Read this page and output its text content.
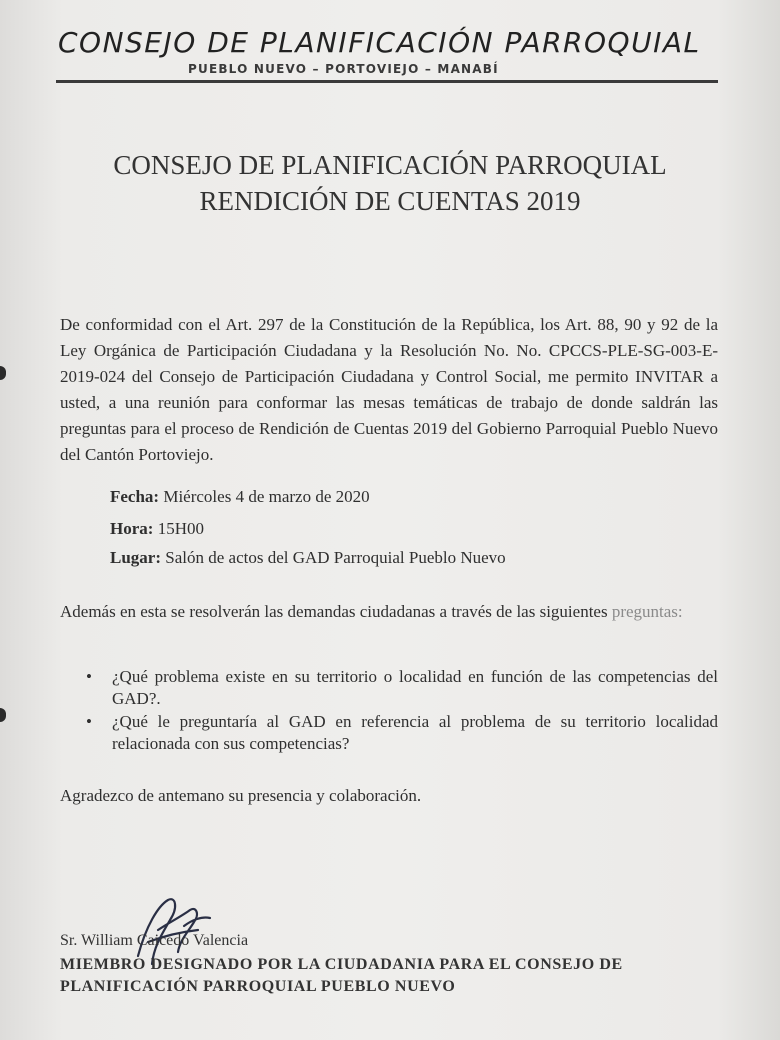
CONSEJO DE PLANIFICACIÓN PARROQUIAL
PUEBLO NUEVO – PORTOVIEJO – MANABÍ
CONSEJO DE PLANIFICACIÓN PARROQUIAL
RENDICIÓN DE CUENTAS 2019
De conformidad con el Art. 297 de la Constitución de la República, los Art. 88, 90 y 92 de la Ley Orgánica de Participación Ciudadana y la Resolución No. No. CPCCS-PLE-SG-003-E-2019-024 del Consejo de Participación Ciudadana y Control Social, me permito INVITAR a usted, a una reunión para conformar las mesas temáticas de trabajo de donde saldrán las preguntas para el proceso de Rendición de Cuentas 2019 del Gobierno Parroquial Pueblo Nuevo del Cantón Portoviejo.
Fecha: Miércoles 4 de marzo de 2020
Hora: 15H00
Lugar: Salón de actos del GAD Parroquial Pueblo Nuevo
Además en esta se resolverán las demandas ciudadanas a través de las siguientes preguntas:
• ¿Qué problema existe en su territorio o localidad en función de las competencias del GAD?.
• ¿Qué le preguntaría al GAD en referencia al problema de su territorio localidad relacionada con sus competencias?
Agradezco de antemano su presencia y colaboración.
Sr. William Caicedo Valencia
MIEMBRO DESIGNADO POR LA CIUDADANIA PARA EL CONSEJO DE PLANIFICACIÓN PARROQUIAL PUEBLO NUEVO
